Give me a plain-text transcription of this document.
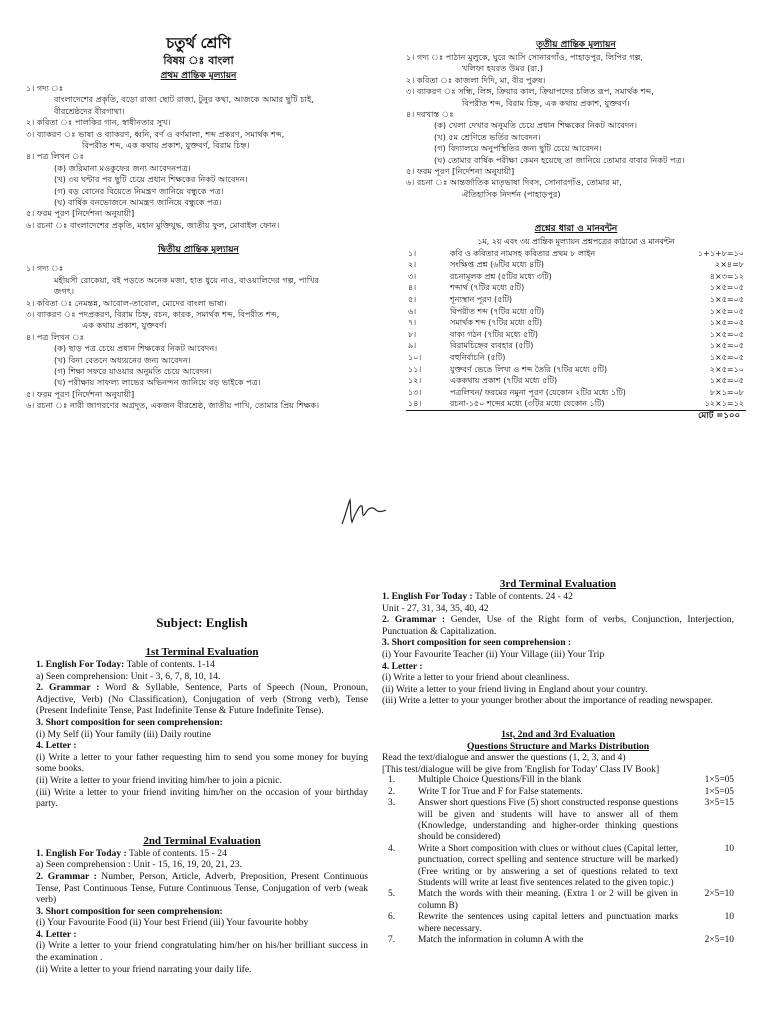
চতুর্থ শ্রেণি

বিষয় ঃ বাংলা

প্রথম প্রান্তিক মূল্যায়ন

১। গদ্য ঃ

বাংলাদেশের প্রকৃতি, বড়ো রাজা ছোট রাজা, টুনুর কথা, আজকে আমার ছুটি চাই,

বীরশ্রেষ্ঠদের বীরগাথা।

২। কবিতা ঃ পালকির গান, স্বাধীনতার সুখ।

৩। ব্যাকরণ ঃ ভাষা ও ব্যাকরণ, ধ্বনি, বর্ণ ও বর্ণমালা, শব্দ প্রকরণ, সমার্থক শব্দ,

বিপরীত শব্দ, এক কথায় প্রকাশ, যুক্তবর্ণ, বিরাম চিহ্ন।

৪। পত্র লিখন ঃ

(ক) জরিমানা মওকুফের জন্য আবেদনপত্র।

(খ) ৩য় ঘন্টার পর ছুটি চেয়ে প্রধান শিক্ষকের নিকট আবেদন।

(গ) বড় বোনের বিয়েতে নিমন্ত্রণ জানিয়ে বন্ধুকে পত্র।

(ঘ) বার্ষিক বনভোজনে আমন্ত্রণ জানিয়ে বন্ধুকে পত্র।

৫। ফরম পূরণ [নির্দেশনা অনুযায়ী]

৬। রচনা ঃ বাংলাদেশের প্রকৃতি, মহান মুক্তিযুদ্ধ, জাতীয় ফুল, মোবাইল ফোন।

দ্বিতীয় প্রান্তিক মূল্যায়ন

১। গদ্য ঃ

মহীয়সী রোকেয়া, বই পড়তে অনেক মজা, হাত ধুয়ে নাও, বাওয়ালিদের গল্প, পাখির

জগৎ।

২। কবিতা ঃ নেমন্তন্ন, আবোল-তাবোল, মোদের বাংলা ভাষা।

৩। ব্যাকরণ ঃ পদপ্রকরণ, বিরাম চিহ্ন, বচন, কারক, সমার্থক শব্দ, বিপরীত শব্দ,

এক কথায় প্রকাশ, যুক্তবর্ণ।

৪। পত্র লিখন ঃ

(ক) ছাড় পত্র চেয়ে প্রধান শিক্ষকের নিকট আবেদন।

(খ) বিনা বেতনে অধ্যয়নের জন্য আবেদন।

(গ) শিক্ষা সফরে যাওয়ার অনুমতি চেয়ে আবেদন।

(ঘ) পরীক্ষায় সাফল্য লাভের অভিনন্দন জানিয়ে বড় ভাইকে পত্র।

৫। ফরম পূরণ [নির্দেশনা অনুযায়ী]

৬। রচনা ঃ নারী জাগরণের অগ্রদূত, একজন বীরশ্রেষ্ঠ, জাতীয় পাখি, তোমার প্রিয় শিক্ষক।

তৃতীয় প্রান্তিক মূল্যায়ন

১। গদ্য ঃ পাঠান মুলুকে, ঘুরে আসি সোনারগাঁও, পাহাড়পুর, লিপির গল্প,

খলিফা হযরত উমর (রা.)

২। কবিতা ঃ কাজলা দিদি, মা, বীর পুরুষ।

৩। ব্যাকরণ ঃ সন্ধি, লিঙ্গ, ক্রিয়ার কাল, ক্রিয়াপদের চলিত রূপ, সমার্থক শব্দ,

বিপরীত শব্দ, বিরাম চিহ্ন, এক কথায় প্রকাশ, যুক্তবর্ণ।

৪। দরখাস্ত ঃ

(ক) খেলা দেখার অনুমতি চেয়ে প্রধান শিক্ষকের নিকট আবেদন।

(খ) ৫ম শ্রেণিতে ভর্তির আবেদন।

(গ) বিদ্যালয়ে অনুপস্থিতির জন্য ছুটি চেয়ে আবেদন।

(ঘ) তোমার বার্ষিক পরীক্ষা কেমন হয়েছে তা জানিয়ে তোমার বাবার নিকট পত্র।

৫। ফরম পূরণ [নির্দেশনা অনুযায়ী]

৬। রচনা ঃ আন্তর্জাতিক মাতৃভাষা দিবস, সোনারগাঁও, তোমার মা,

ঐতিহাসিক নিদর্শন (পাহাড়পুর)

প্রশ্নের ধারা ও মানবন্টন

১ম, ২য় এবং ৩য় প্রান্তিক মূল্যায়ন প্রশ্নপত্রের কাঠামো ও মানবন্টন

১।	কবি ও কবিতার নামসহ কবিতার প্রথম ৮ লাইন	১+১+৮=১০
২।	সংক্ষিপ্ত প্রশ্ন (৬টির মধ্যে ৪টি)	২×৪=৮
৩।	রচনামূলক প্রশ্ন (৫টির মধ্যে ৩টি)	৪×৩=১২
৪।	শব্দার্থ (৭টির মধ্যে ৫টি)	১×৫=০৫
৫।	শূন্যস্থান পূরণ (৫টি)	১×৫=০৫
৬।	বিপরীত শব্দ (৭টির মধ্যে ৫টি)	১×৫=০৫
৭।	সমার্থক শব্দ (৭টির মধ্যে ৫টি)	১×৫=০৫
৮।	বাক্য গঠন (৭টির মধ্যে ৫টি)	১×৫=০৫
৯।	বিরামচিহ্নের ব্যবহার (৫টি)	১×৫=০৫
১০।	বহুনির্বাচনি (৫টি)	১×৫=০৫
১১।	যুক্তবর্ণ ভেঙে লিখা ও শব্দ তৈরি (৭টির মধ্যে ৫টি)	২×৫=১০
১২।	এককথায় প্রকাশ (৭টির মধ্যে ৫টি)	১×৫=০৫
১৩।	পত্রলিখন/ ফরমের নমুনা পূরণ (যেকোন ২টির মধ্যে ১টি)	৮×১=০৮
১৪।	রচনা-১৫০ শব্দের মধ্যে (৩টির মধ্যে যেকোন ১টি)	১২×১=১২
মোট =১০০

Subject: English

1st Terminal Evaluation

1. English For Today: Table of contents. 1-14

a) Seen comprehension: Unit - 3, 6, 7, 8, 10, 14.

2. Grammar : Word & Syllable, Sentence, Parts of Speech (Noun, Pronoun, Adjective, Verb) (No Classification), Conjugation of verb (Strong verb), Tense (Present Indefinite Tense, Past Indefinite Tense & Future Indefinite Tense).

3. Short composition for seen comprehension:

(i) My Self (ii) Your family (iii) Daily routine

4. Letter :

(i) Write a letter to your father requesting him to send you some money for buying some books.

(ii) Write a letter to your friend inviting him/her to join a picnic.

(iii) Write a letter to your friend inviting him/her on the occasion of your birthday party.

2nd Terminal Evaluation

1. English For Today : Table of contents. 15 - 24

a) Seen comprehension : Unit - 15, 16, 19, 20, 21, 23.

2. Grammar : Number, Person, Article, Adverb, Preposition, Present Continuous Tense, Past Continuous Tense, Future Continuous Tense, Conjugation of verb (weak verb)

3. Short composition for seen comprehension:

(i) Your Favourite Food (ii) Your best Friend (iii) Your favourite hobby

4. Letter :

(i) Write a letter to your friend congratulating him/her on his/her brilliant success in the examination .

(ii) Write a letter to your friend narrating your daily life.

3rd Terminal Evaluation

1. English For Today : Table of contents. 24 - 42

Unit - 27, 31, 34, 35, 40, 42

2. Grammar : Gender, Use of the Right form of verbs, Conjunction, Interjection, Punctuation & Capitalization.

3. Short composition for seen comprehension :

(i) Your Favourite Teacher (ii) Your Village (iii) Your Trip

4. Letter :

(i) Write a letter to your friend about cleanliness.

(ii) Write a letter to your friend living in England about your country.

(iii) Write a letter to your younger brother about the importance of reading newspaper.

1st, 2nd and 3rd Evaluation

Questions Structure and Marks Distribution

Read the text/dialogue and answer the questions (1, 2, 3, and 4)

[This test/dialogue will be give from 'English for Today' Class IV Book]

1.	Multiple Choice Questions/Fill in the blank	1×5=05
2.	Write T for True and F for False statements.	1×5=05
3.	Answer short questions Five (5) short constructed response questions will be given and students will have to answer all of them (Knowledge, understanding and higher-order thinking questions should be considered)	3×5=15
4.	Write a Short composition with clues or without clues (Capital letter, punctuation, correct spelling and sentence structure will be marked) (Free writing or by answering a set of questions related to text Students will write at least five sentences related to the given topic.)	10
5.	Match the words with their meaning. (Extra 1 or 2 will be given in column B)	2×5=10
6.	Rewrite the sentences using capital letters and punctuation marks where necessary.	10
7.	Match the information in column A with the	2×5=10
